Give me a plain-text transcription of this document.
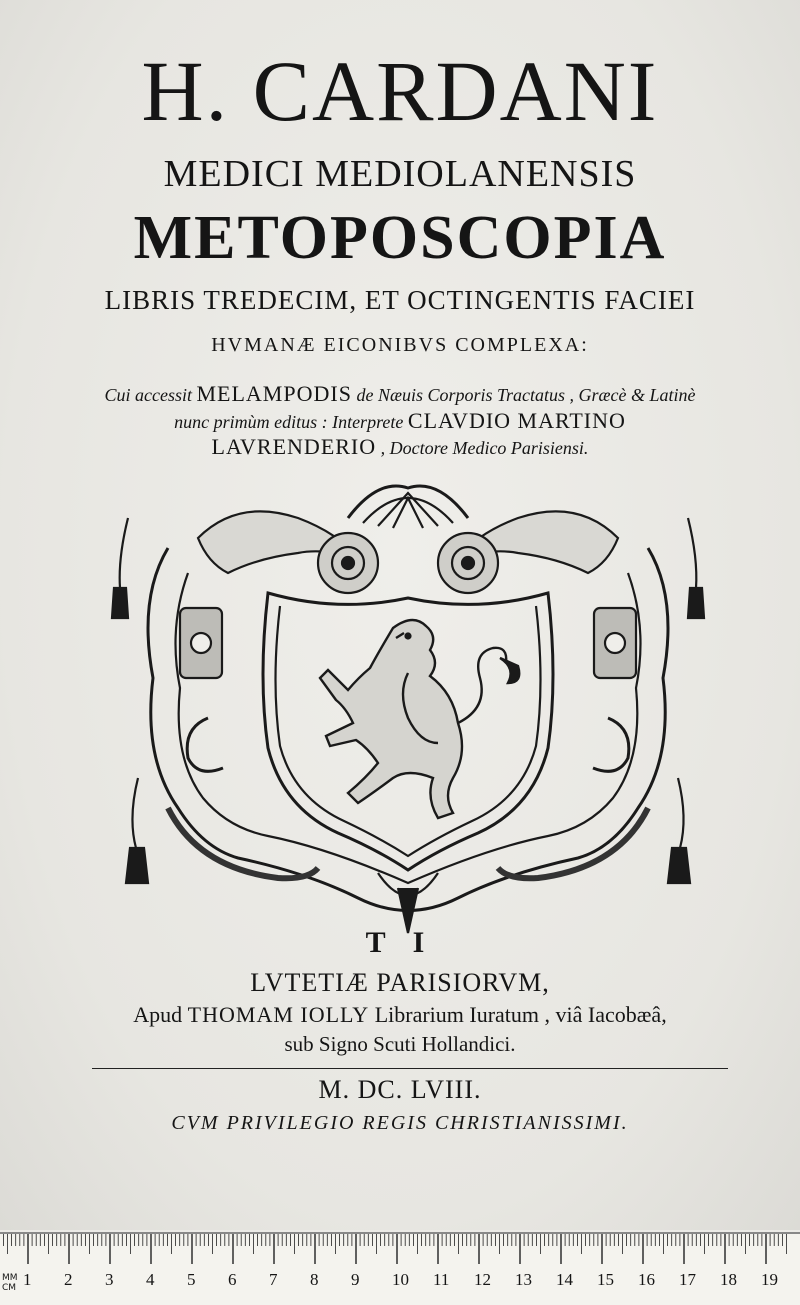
H. CARDANI
MEDICI MEDIOLANENSIS
METOPOSCOPIA
LIBRIS TREDECIM, ET OCTINGENTIS FACIEI
HVMANÆ EICONIBVS COMPLEXA:
Cui accessit MELAMPODIS de Næuis Corporis Tractatus , Græcè & Latinè
nunc primùm editus : Interprete CLAVDIO MARTINO
LAVRENDERIO , Doctore Medico Parisiensi.
T I
LVTETIÆ PARISIORVM,
Apud THOMAM IOLLY Librarium Iuratum , viâ Iacobæâ,
sub Signo Scuti Hollandici.
M. DC. LVIII.
CVM PRIVILEGIO REGIS CHRISTIANISSIMI.
MM
CM 1 2 3 4 5 6 7 8 9 10 11 12 13 14 15 16 17 18 19
